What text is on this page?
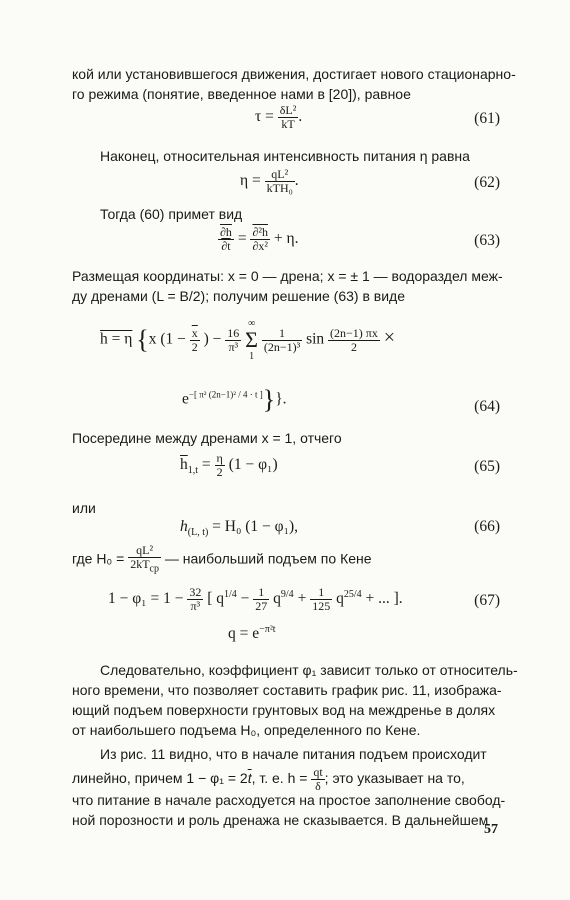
кой или установившегося движения, достигает нового стационарно-
го режима (понятие, введенное нами в [20]), равное
$\tau = \frac{\text{δL²}}{kT}$ .	(61)
Наконец, относительная интенсивность питания η равна
$\eta = \frac{\text{qL²}}{\text{kTH₀}}$ .	(62)
Тогда (60) примет вид
$\frac{\partial h}{\partial t} = \frac{\text{∂²h}}{\text{∂x²}} + \eta$.	(63)
Размещая координаты: x = 0 — дрена; x = ± 1 — водораздел меж-
ду дренами (L = B/2); получим решение (63) в виде
h = η {x ($1 - \frac{\overline{x}}{2}$ ) − $\frac{16}{\text{π³}}$

∞
Σ
1

$\frac{1}{\text{(2n−1)³}}$ $\sin \frac{(2n-1) \pi x}{2}$ ×
$e^{-[ \pi^2 (2n-1)^2 / 4 \cdot t ]}$}}.	(64)
Посередине между дренами x = 1, отчего
$\overline{h}_{1,t} = \frac{\eta}{2} (1 - \varphi_1)$	(65)
или
$h_{(L, t)} = H_0$ (1 − φ₁),	(66)
где $H_0 = \frac{\text{qL²}}{2kT_{ср}}$ — наибольший подъем по Кене
$1 - \varphi_1 = 1 - \frac{32}{\text{π³}}$ [ $q^{1/4} - \frac{1}{27} q^{9/4} + \frac{1}{125} q^{25/4}$ + ... ].	(67)
$q = e^{-\pi^2t}$
Следовательно, коэффициент φ₁ зависит только от относитель-
ного времени, что позволяет составить график рис. 11, изобража-
ющий подъем поверхности грунтовых вод на междренье в долях
от наибольшего подъема H₀, определенного по Кене.
Из рис. 11 видно, что в начале питания подъем происходит
линейно, причем $1 - \varphi_1 = 2\overline{t}$, т. е. $h = \frac{qt}{\delta}$ ; это указывает на то,
что питание в начале расходуется на простое заполнение свобод-
ной порозности и роль дренажа не сказывается. В дальнейшем
57
